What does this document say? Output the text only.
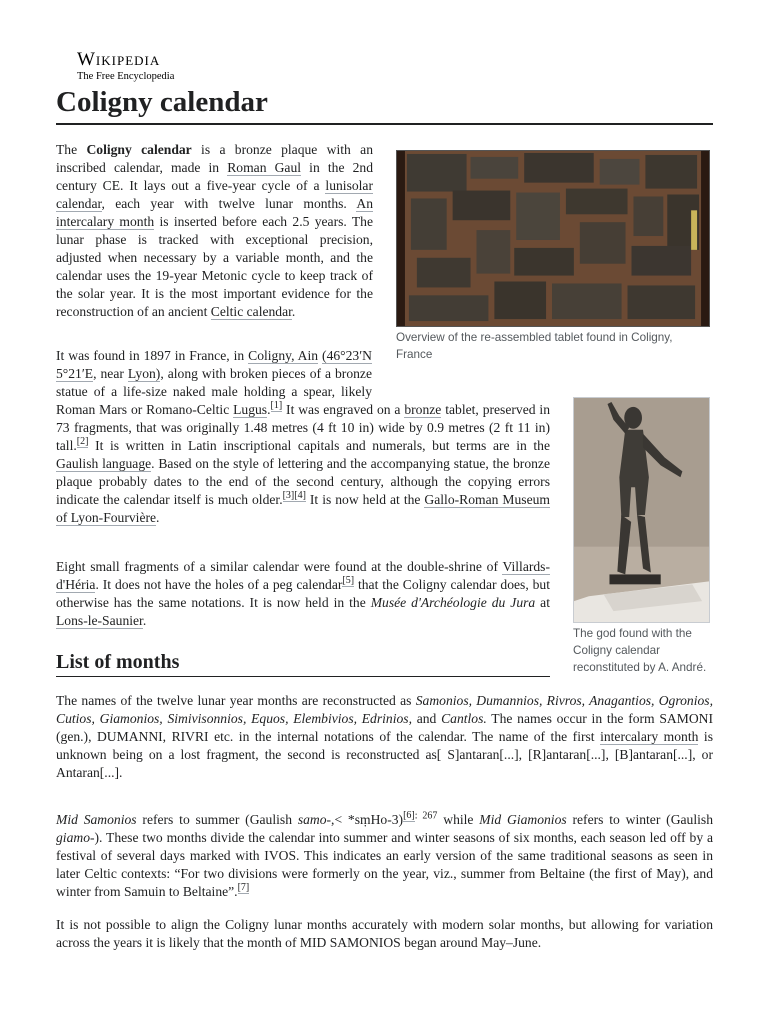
Wikipedia
The Free Encyclopedia
Coligny calendar

The Coligny calendar is a bronze plaque with an inscribed calendar, made in Roman Gaul in the 2nd century CE. It lays out a five-year cycle of a lunisolar calendar, each year with twelve lunar months. An intercalary month is inserted before each 2.5 years. The lunar phase is tracked with exceptional precision, adjusted when necessary by a variable month, and the calendar uses the 19-year Metonic cycle to keep track of the solar year. It is the most important evidence for the reconstruction of an ancient Celtic calendar.

Overview of the re-assembled tablet found in Coligny, France
The god found with the Coligny calendar reconstituted by A. André.

It was found in 1897 in France, in Coligny, Ain (46°23′N 5°21′E, near Lyon), along with broken pieces of a bronze statue of a life-size naked male holding a spear, likely Roman Mars or Romano-Celtic Lugus.[1] It was engraved on a bronze tablet, preserved in 73 fragments, that was originally 1.48 metres (4 ft 10 in) wide by 0.9 metres (2 ft 11 in) tall.[2] It is written in Latin inscriptional capitals and numerals, but terms are in the Gaulish language. Based on the style of lettering and the accompanying statue, the bronze plaque probably dates to the end of the second century, although the copying errors indicate the calendar itself is much older.[3][4] It is now held at the Gallo-Roman Museum of Lyon-Fourvière.

Eight small fragments of a similar calendar were found at the double-shrine of Villards-d'Héria. It does not have the holes of a peg calendar[5] that the Coligny calendar does, but otherwise has the same notations. It is now held in the Musée d'Archéologie du Jura at Lons-le-Saunier.

List of months

The names of the twelve lunar year months are reconstructed as Samonios, Dumannios, Rivros, Anagantios, Ogronios, Cutios, Giamonios, Simivisonnios, Equos, Elembivios, Edrinios, and Cantlos. The names occur in the form SAMONI (gen.), DUMANNI, RIVRI etc. in the internal notations of the calendar. The name of the first intercalary month is unknown being on a lost fragment, the second is reconstructed as[ S]antaran[...], [R]antaran[...], [B]antaran[...], or Antaran[...].

Mid Samonios refers to summer (Gaulish samo-,< *sṃHo-3)$^{[6]: 267}$ while Mid Giamonios refers to winter (Gaulish giamo-). These two months divide the calendar into summer and winter seasons of six months, each season led off by a festival of several days marked with IVOS. This indicates an early version of the same traditional seasons as seen in later Celtic contexts: “For two divisions were formerly on the year, viz., summer from Beltaine (the first of May), and winter from Samuin to Beltaine”.[7]

It is not possible to align the Coligny lunar months accurately with modern solar months, but allowing for variation across the years it is likely that the month of MID SAMONIOS began around May–June.
